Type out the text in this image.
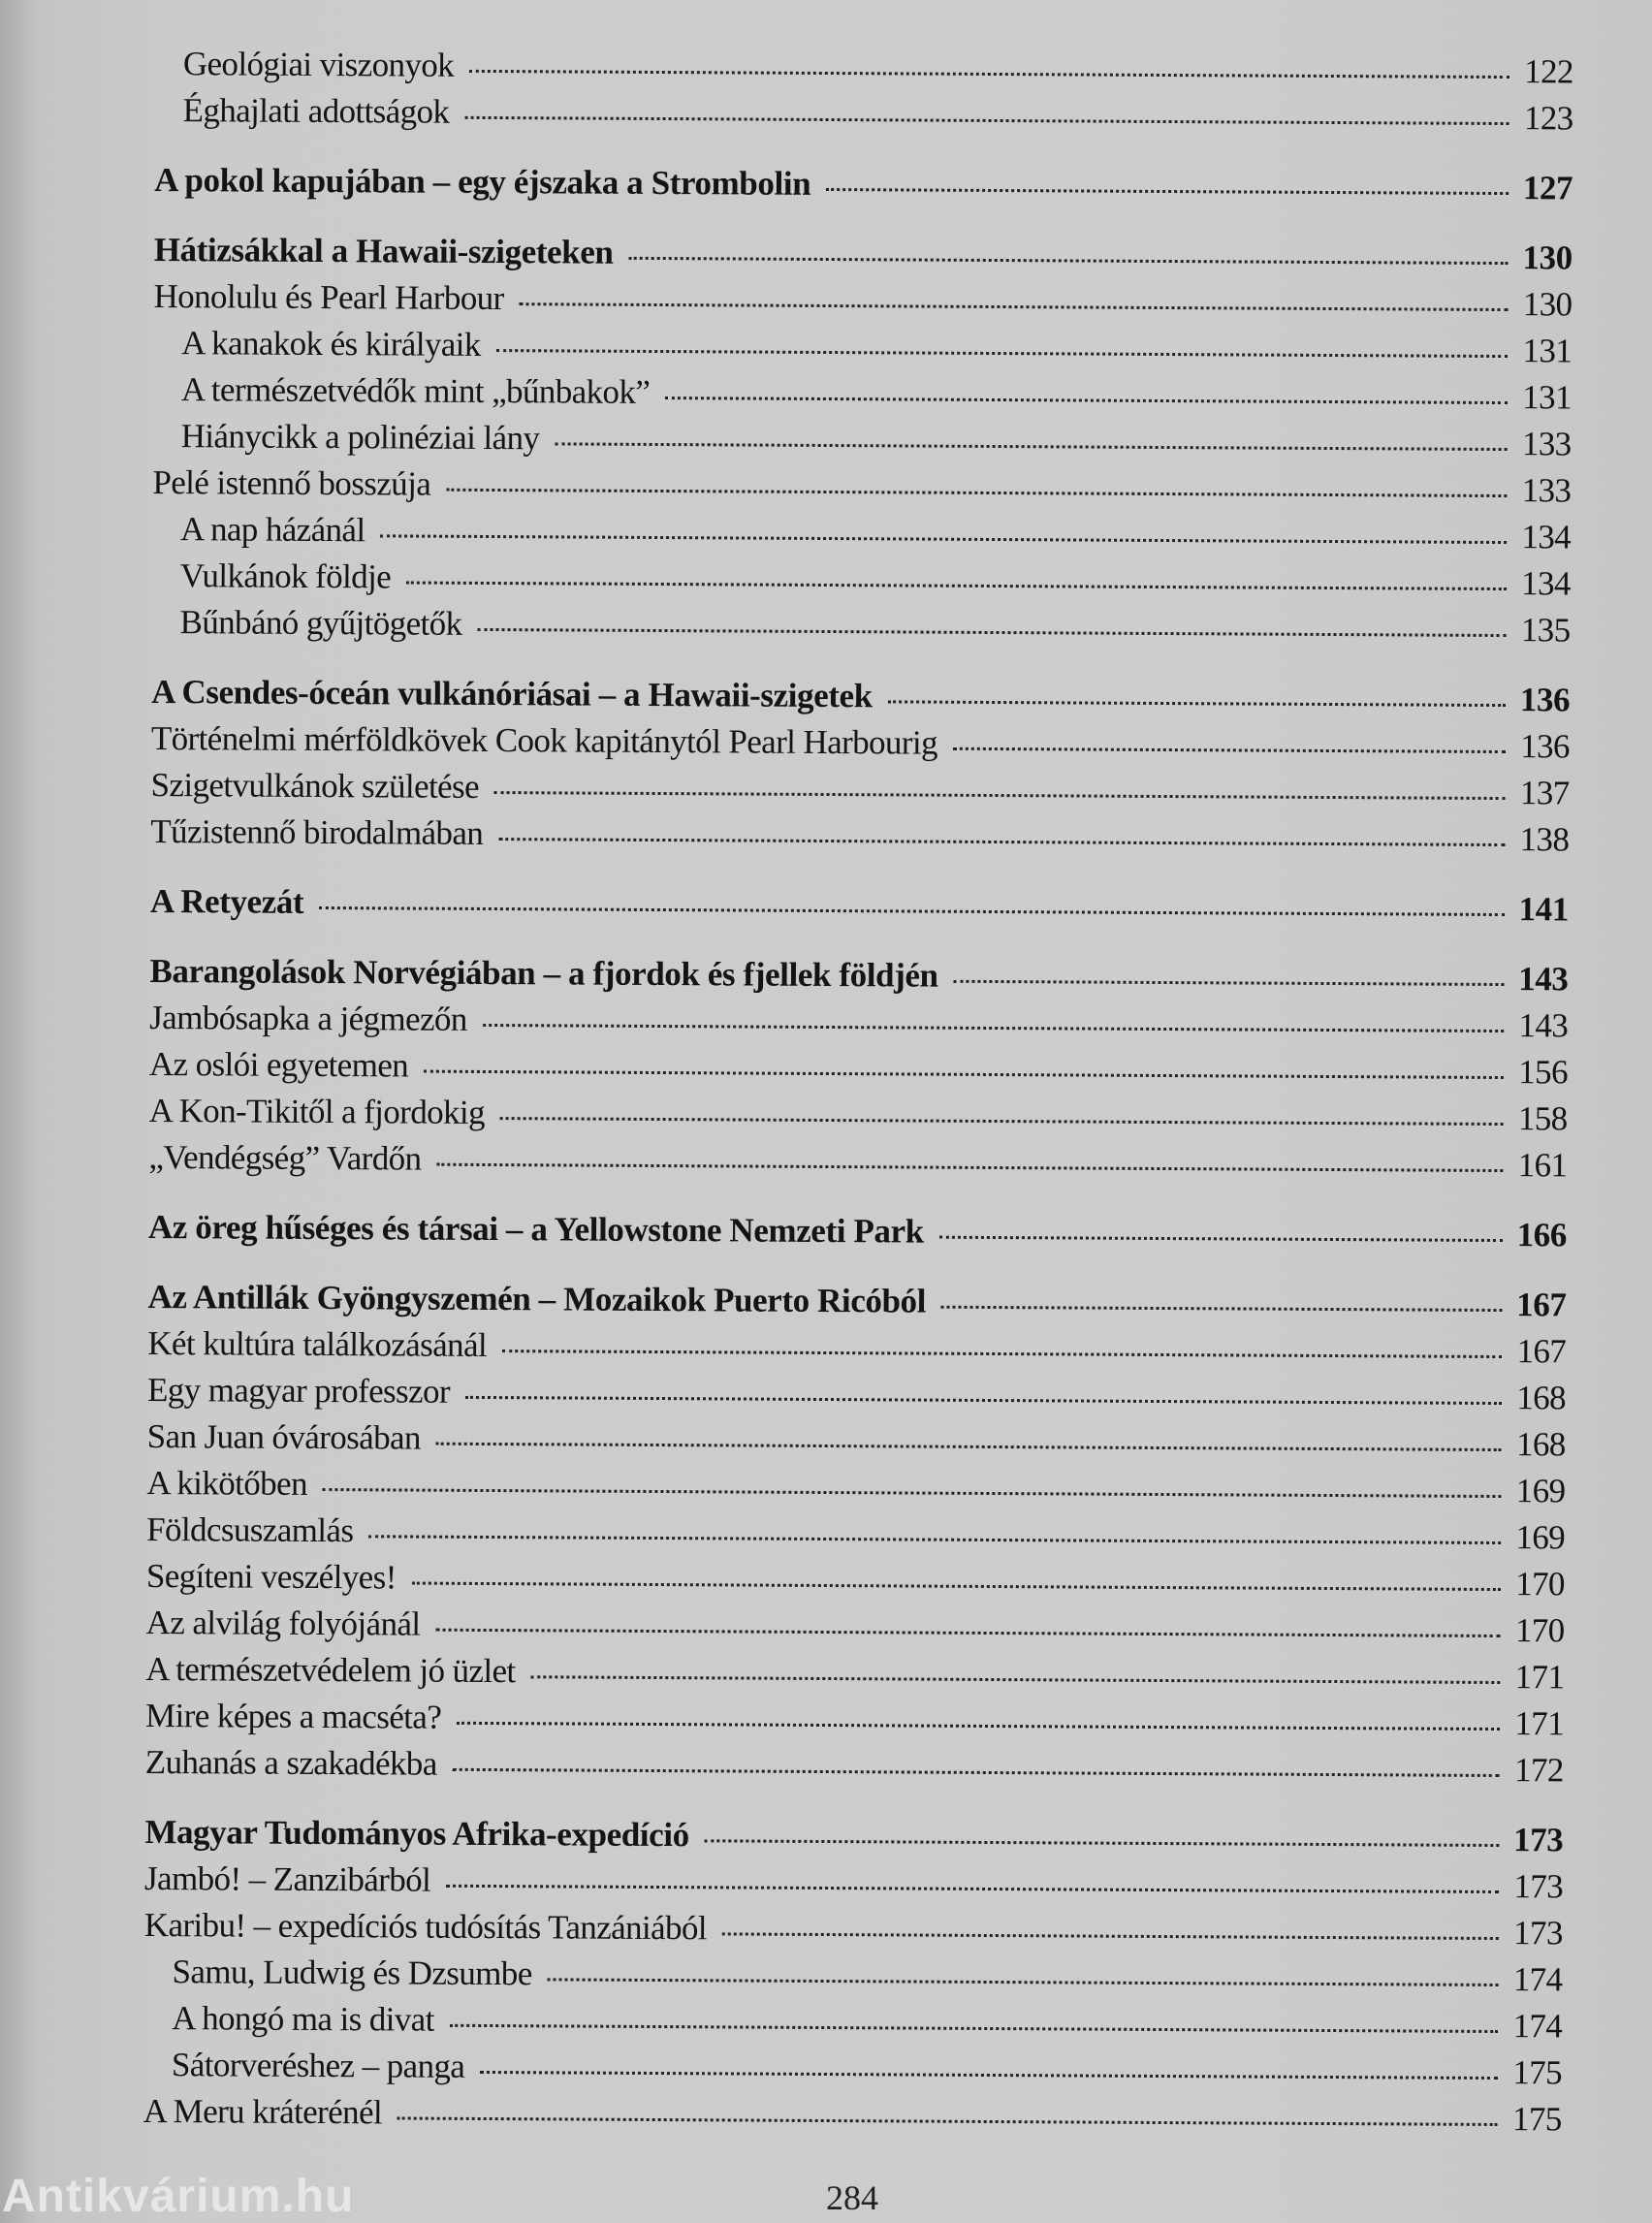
Geológiai viszonyok	122
Éghajlati adottságok	123
A pokol kapujában – egy éjszaka a Strombolin	127
Hátizsákkal a Hawaii-szigeteken	130
Honolulu és Pearl Harbour	130
A kanakok és királyaik	131
A természetvédők mint „bűnbakok”	131
Hiánycikk a polinéziai lány	133
Pelé istennő bosszúja	133
A nap házánál	134
Vulkánok földje	134
Bűnbánó gyűjtögetők	135
A Csendes-óceán vulkánóriásai – a Hawaii-szigetek	136
Történelmi mérföldkövek Cook kapitánytól Pearl Harbourig	136
Szigetvulkánok születése	137
Tűzistennő birodalmában	138
A Retyezát	141
Barangolások Norvégiában – a fjordok és fjellek földjén	143
Jambósapka a jégmezőn	143
Az oslói egyetemen	156
A Kon-Tikitől a fjordokig	158
„Vendégség” Vardőn	161
Az öreg hűséges és társai – a Yellowstone Nemzeti Park	166
Az Antillák Gyöngyszemén – Mozaikok Puerto Ricóból	167
Két kultúra találkozásánál	167
Egy magyar professzor	168
San Juan óvárosában	168
A kikötőben	169
Földcsuszamlás	169
Segíteni veszélyes!	170
Az alvilág folyójánál	170
A természetvédelem jó üzlet	171
Mire képes a macséta?	171
Zuhanás a szakadékba	172
Magyar Tudományos Afrika-expedíció	173
Jambó! – Zanzibárból	173
Karibu! – expedíciós tudósítás Tanzániából	173
Samu, Ludwig és Dzsumbe	174
A hongó ma is divat	174
Sátorveréshez – panga	175
A Meru kráterénél	175
Antikvárium.hu	284
